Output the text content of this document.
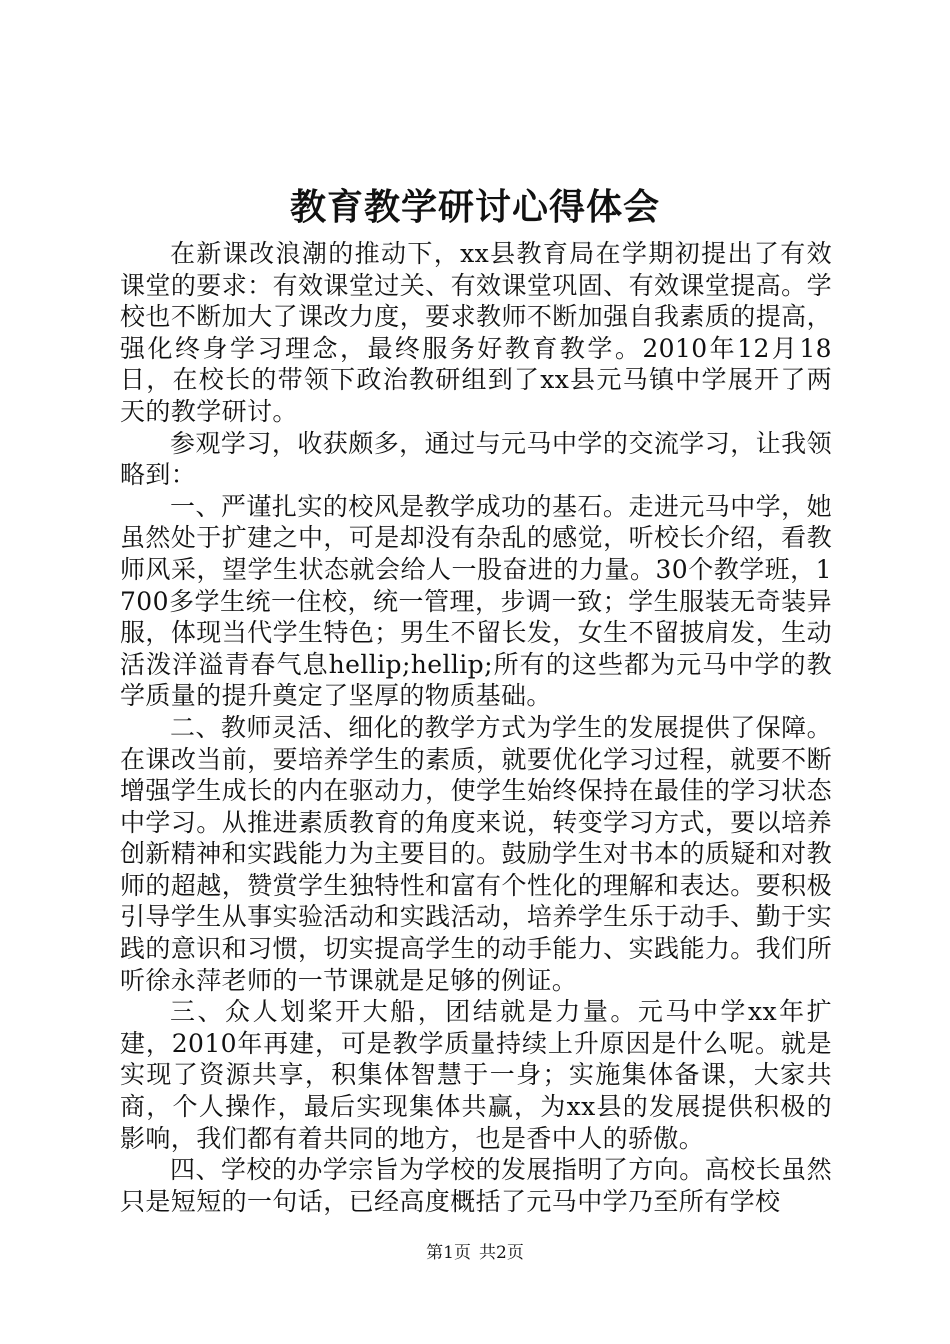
教育教学研讨心得体会

在新课改浪潮的推动下，xx县教育局在学期初提出了有效课堂的要求：有效课堂过关、有效课堂巩固、有效课堂提高。学校也不断加大了课改力度，要求教师不断加强自我素质的提高，强化终身学习理念，最终服务好教育教学。2010年12月18日，在校长的带领下政治教研组到了xx县元马镇中学展开了两天的教学研讨。

参观学习，收获颇多，通过与元马中学的交流学习，让我领略到：

一、严谨扎实的校风是教学成功的基石。走进元马中学，她虽然处于扩建之中，可是却没有杂乱的感觉，听校长介绍，看教师风采，望学生状态就会给人一股奋进的力量。30个教学班，1700多学生统一住校，统一管理，步调一致；学生服装无奇装异服，体现当代学生特色；男生不留长发，女生不留披肩发，生动活泼洋溢青春气息hellip;hellip;所有的这些都为元马中学的教学质量的提升奠定了坚厚的物质基础。

二、教师灵活、细化的教学方式为学生的发展提供了保障。在课改当前，要培养学生的素质，就要优化学习过程，就要不断增强学生成长的内在驱动力，使学生始终保持在最佳的学习状态中学习。从推进素质教育的角度来说，转变学习方式，要以培养创新精神和实践能力为主要目的。鼓励学生对书本的质疑和对教师的超越，赞赏学生独特性和富有个性化的理解和表达。要积极引导学生从事实验活动和实践活动，培养学生乐于动手、勤于实践的意识和习惯，切实提高学生的动手能力、实践能力。我们所听徐永萍老师的一节课就是足够的例证。

三、众人划桨开大船，团结就是力量。元马中学xx年扩建，2010年再建，可是教学质量持续上升原因是什么呢。就是实现了资源共享，积集体智慧于一身；实施集体备课，大家共商，个人操作，最后实现集体共赢，为xx县的发展提供积极的影响，我们都有着共同的地方，也是香中人的骄傲。

四、学校的办学宗旨为学校的发展指明了方向。高校长虽然只是短短的一句话，已经高度概括了元马中学乃至所有学校

第1页 共2页
